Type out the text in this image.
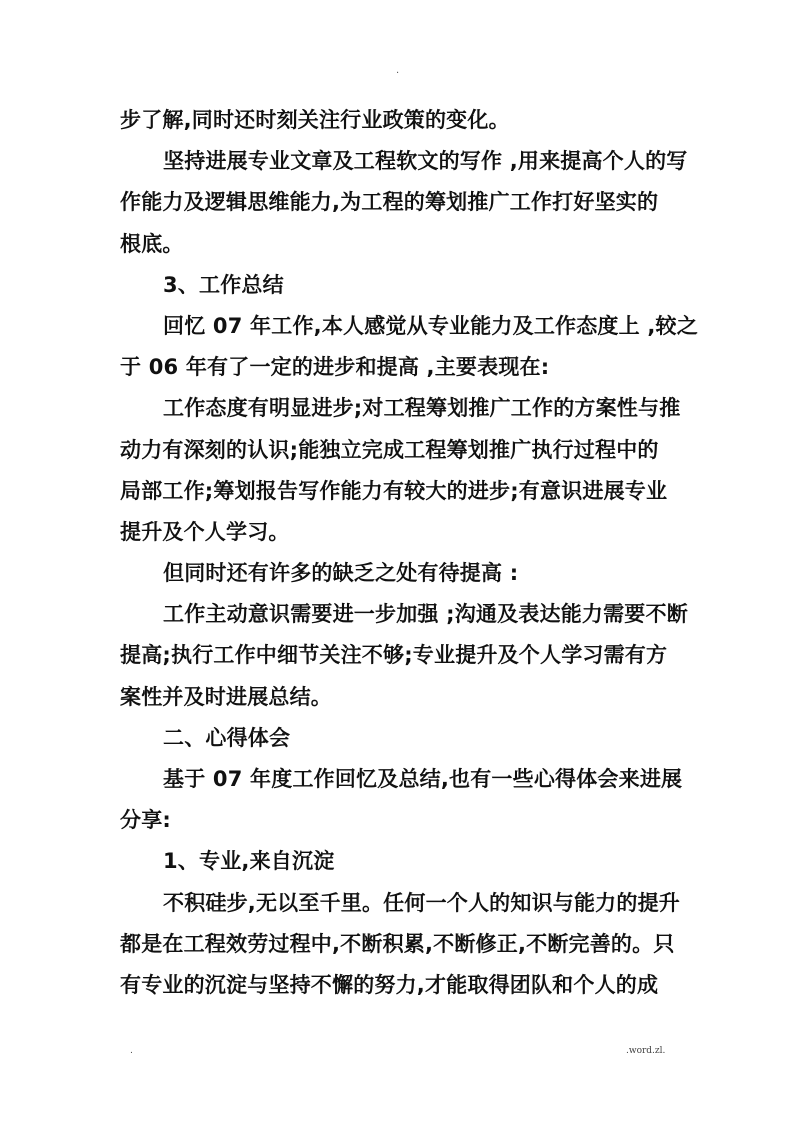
.
步了解,同时还时刻关注行业政策的变化。
坚持进展专业文章及工程软文的写作 ,用来提高个人的写
作能力及逻辑思维能力,为工程的筹划推广工作打好坚实的
根底。
3、工作总结
回忆 07 年工作,本人感觉从专业能力及工作态度上 ,较之
于 06 年有了一定的进步和提高 ,主要表现在:
工作态度有明显进步;对工程筹划推广工作的方案性与推
动力有深刻的认识;能独立完成工程筹划推广执行过程中的
局部工作;筹划报告写作能力有较大的进步;有意识进展专业
提升及个人学习。
但同时还有许多的缺乏之处有待提高 :
工作主动意识需要进一步加强 ;沟通及表达能力需要不断
提高;执行工作中细节关注不够;专业提升及个人学习需有方
案性并及时进展总结。
二、心得体会
基于 07 年度工作回忆及总结,也有一些心得体会来进展
分享:
1、专业,来自沉淀
不积硅步,无以至千里。任何一个人的知识与能力的提升
都是在工程效劳过程中,不断积累,不断修正,不断完善的。只
有专业的沉淀与坚持不懈的努力,才能取得团队和个人的成
.	.word.zl.
